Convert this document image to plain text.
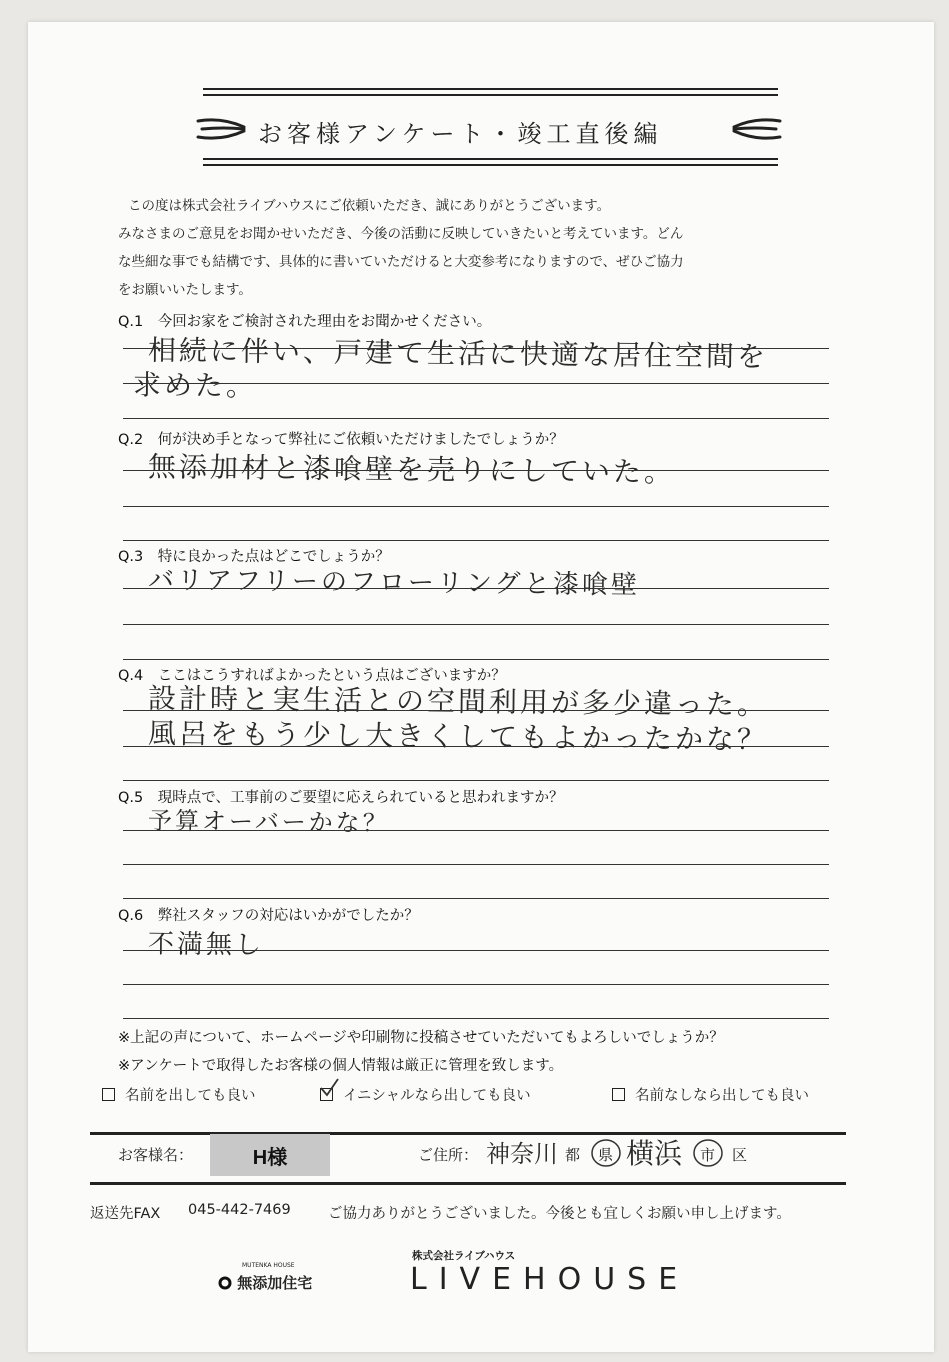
お客様アンケート・竣工直後編
この度は株式会社ライブハウスにご依頼いただき、誠にありがとうございます。
みなさまのご意見をお聞かせいただき、今後の活動に反映していきたいと考えています。どん
な些細な事でも結構です、具体的に書いていただけると大変参考になりますので、ぜひご協力
をお願いいたします。
Q.1　今回お家をご検討された理由をお聞かせください。
相続に伴い、戸建て生活に快適な居住空間を
求めた。
Q.2　何が決め手となって弊社にご依頼いただけましたでしょうか？
無添加材と漆喰壁を売りにしていた。
Q.3　特に良かった点はどこでしょうか？
バリアフリーのフローリングと漆喰壁
Q.4　ここはこうすればよかったという点はございますか？
設計時と実生活との空間利用が多少違った。
風呂をもう少し大きくしてもよかったかな？
Q.5　現時点で、工事前のご要望に応えられていると思われますか？
予算オーバーかな？
Q.6　弊社スタッフの対応はいかがでしたか？
不満無し
※上記の声について、ホームページや印刷物に投稿させていただいてもよろしいでしょうか？
※アンケートで取得したお客様の個人情報は厳正に管理を致します。
名前を出しても良い	イニシャルなら出しても良い	名前なしなら出しても良い
お客様名：	H様	ご住所： 神奈川 都 県 横浜 市 区
返送先FAX 045-442-7469	ご協力ありがとうございました。今後とも宜しくお願い申し上げます。
MUTENKA HOUSE
無添加住宅
株式会社ライブハウス
LIVEHOUSE
